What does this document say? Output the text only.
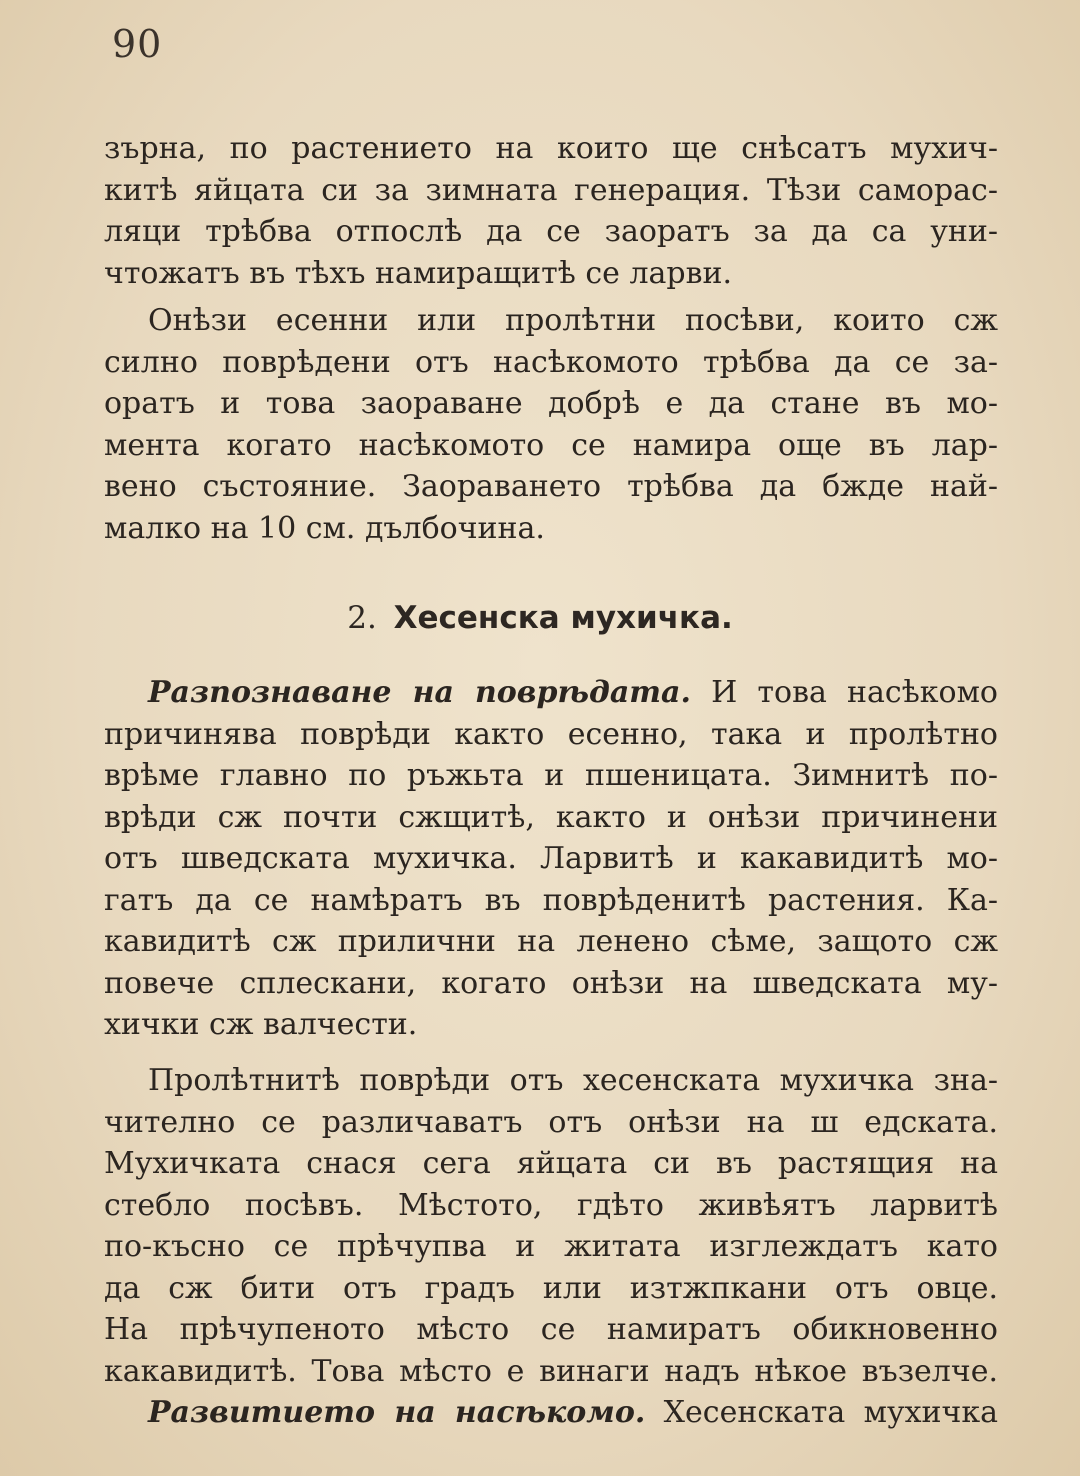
90
зърна, по растението на които ще снѣсатъ мухич-
китѣ яйцата си за зимната генерация. Тѣзи самораc-
ляци трѣбва отпослѣ да се заоратъ за да са уни-
чтожатъ въ тѣхъ намиращитѣ се ларви.
Онѣзи есенни или пролѣтни посѣви, които сж
силно поврѣдени отъ насѣкомото трѣбва да се за-
оратъ и това заораване добрѣ е да стане въ мо-
мента когато насѣкомото се намира още въ лар-
вено състояние. Заораването трѣбва да бжде най-
малко на 10 см. дълбочина.
2. Хесенска мухичка.
Разпознаване на поврѣдата. И това насѣкомо
причинява поврѣди както есенно, така и пролѣтно
врѣме главно по ръжьта и пшеницата. Зимнитѣ по-
врѣди сж почти сжщитѣ, както и онѣзи причинени
отъ шведската мухичка. Ларвитѣ и какавидитѣ мо-
гатъ да се намѣратъ въ поврѣденитѣ растения. Ка-
кавидитѣ сж прилични на ленено сѣме, защото сж
повече сплескани, когато онѣзи на шведската му-
хички сж валчести.
Пролѣтнитѣ поврѣди отъ хесенската мухичка зна-
чително се различаватъ отъ онѣзи на ш едската.
Мухичката снася сега яйцата си въ растящия на
стебло посѣвъ. Мѣстото, гдѣто живѣятъ ларвитѣ
по-късно се прѣчупва и житата изглеждатъ като
да сж бити отъ градъ или изтжпкани отъ овце.
На прѣчупеното мѣсто се намиратъ обикновенно
какавидитѣ. Това мѣсто е винаги надъ нѣкое възелче.
Развитието на насѣкомо. Хесенската мухичка
